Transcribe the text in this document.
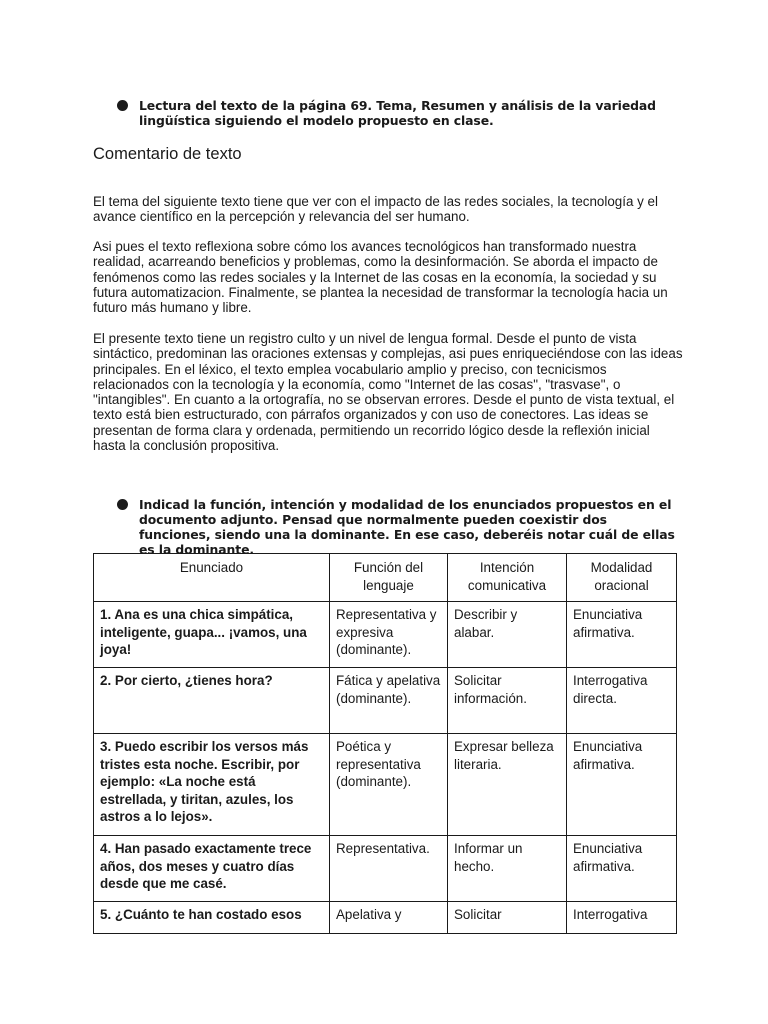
Lectura del texto de la página 69. Tema, Resumen y análisis de la variedad lingüística siguiendo el modelo propuesto en clase.
Comentario de texto

El tema del siguiente texto tiene que ver con el impacto de las redes sociales, la tecnología y el avance científico en la percepción y relevancia del ser humano.

Asi pues el texto reflexiona sobre cómo los avances tecnológicos han transformado nuestra realidad, acarreando beneficios y problemas, como la desinformación. Se aborda el impacto de fenómenos como las redes sociales y la Internet de las cosas en la economía, la sociedad y su futura automatizacion. Finalmente, se plantea la necesidad de transformar la tecnología hacia un futuro más humano y libre.

El presente texto tiene un registro culto y un nivel de lengua formal. Desde el punto de vista sintáctico, predominan las oraciones extensas y complejas, asi pues enriqueciéndose con las ideas principales. En el léxico, el texto emplea vocabulario amplio y preciso, con tecnicismos relacionados con la tecnología y la economía, como "Internet de las cosas", "trasvase", o "intangibles". En cuanto a la ortografía, no se observan errores. Desde el punto de vista textual, el texto está bien estructurado, con párrafos organizados y con uso de conectores. Las ideas se presentan de forma clara y ordenada, permitiendo un recorrido lógico desde la reflexión inicial hasta la conclusión propositiva.

Indicad la función, intención y modalidad de los enunciados propuestos en el documento adjunto. Pensad que normalmente pueden coexistir dos funciones, siendo una la dominante. En ese caso, deberéis notar cuál de ellas es la dominante.
Enunciado	Función del lenguaje	Intención comunicativa	Modalidad oracional
1. Ana es una chica simpática, inteligente, guapa... ¡vamos, una joya!	Representativa y expresiva (dominante).	Describir y alabar.	Enunciativa afirmativa.
2. Por cierto, ¿tienes hora?	Fática y apelativa (dominante).	Solicitar información.	Interrogativa directa.
3. Puedo escribir los versos más tristes esta noche. Escribir, por ejemplo: «La noche está estrellada, y tiritan, azules, los astros a lo lejos».	Poética y representativa (dominante).	Expresar belleza literaria.	Enunciativa afirmativa.
4. Han pasado exactamente trece años, dos meses y cuatro días desde que me casé.	Representativa.	Informar un hecho.	Enunciativa afirmativa.
5. ¿Cuánto te han costado esos	Apelativa y	Solicitar	Interrogativa
